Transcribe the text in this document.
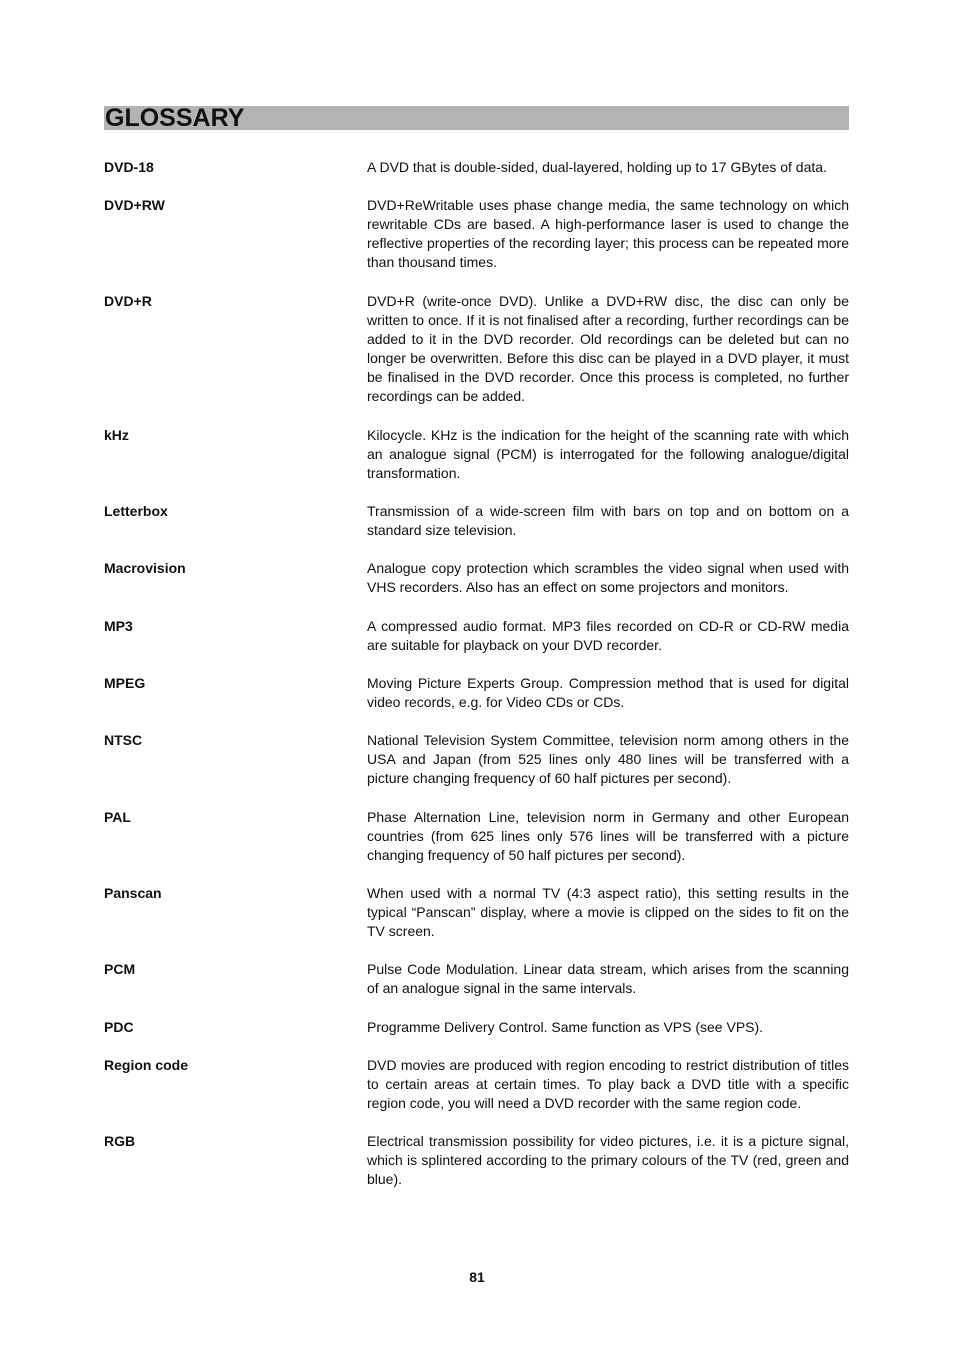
GLOSSARY
DVD-18	A DVD that is double-sided, dual-layered, holding up to 17 GBytes of data.
DVD+RW	DVD+ReWritable uses phase change media, the same technology on which rewritable CDs are based. A high-performance laser is used to change the reflective properties of the recording layer; this process can be repeated more than thousand times.
DVD+R	DVD+R (write-once DVD). Unlike a DVD+RW disc, the disc can only be written to once. If it is not finalised after a recording, further recordings can be added to it in the DVD recorder. Old recordings can be deleted but can no longer be overwritten. Before this disc can be played in a DVD player, it must be finalised in the DVD recorder. Once this process is completed, no further recordings can be added.
kHz	Kilocycle. KHz is the indication for the height of the scanning rate with which an analogue signal (PCM) is interrogated for the following analogue/digital transformation.
Letterbox	Transmission of a wide-screen film with bars on top and on bottom on a standard size television.
Macrovision	Analogue copy protection which scrambles the video signal when used with VHS recorders. Also has an effect on some projectors and monitors.
MP3	A compressed audio format. MP3 files recorded on CD-R or CD-RW media are suitable for playback on your DVD recorder.
MPEG	Moving Picture Experts Group. Compression method that is used for digital video records, e.g. for Video CDs or CDs.
NTSC	National Television System Committee, television norm among others in the USA and Japan (from 525 lines only 480 lines will be transferred with a picture changing frequency of 60 half pictures per second).
PAL	Phase Alternation Line, television norm in Germany and other European countries (from 625 lines only 576 lines will be transferred with a picture changing frequency of 50 half pictures per second).
Panscan	When used with a normal TV (4:3 aspect ratio), this setting results in the typical “Panscan” display, where a movie is clipped on the sides to fit on the TV screen.
PCM	Pulse Code Modulation. Linear data stream, which arises from the scanning of an analogue signal in the same intervals.
PDC	Programme Delivery Control. Same function as VPS (see VPS).
Region code	DVD movies are produced with region encoding to restrict distribution of titles to certain areas at certain times. To play back a DVD title with a specific region code, you will need a DVD recorder with the same region code.
RGB	Electrical transmission possibility for video pictures, i.e. it is a picture signal, which is splintered according to the primary colours of the TV (red, green and blue).
81
